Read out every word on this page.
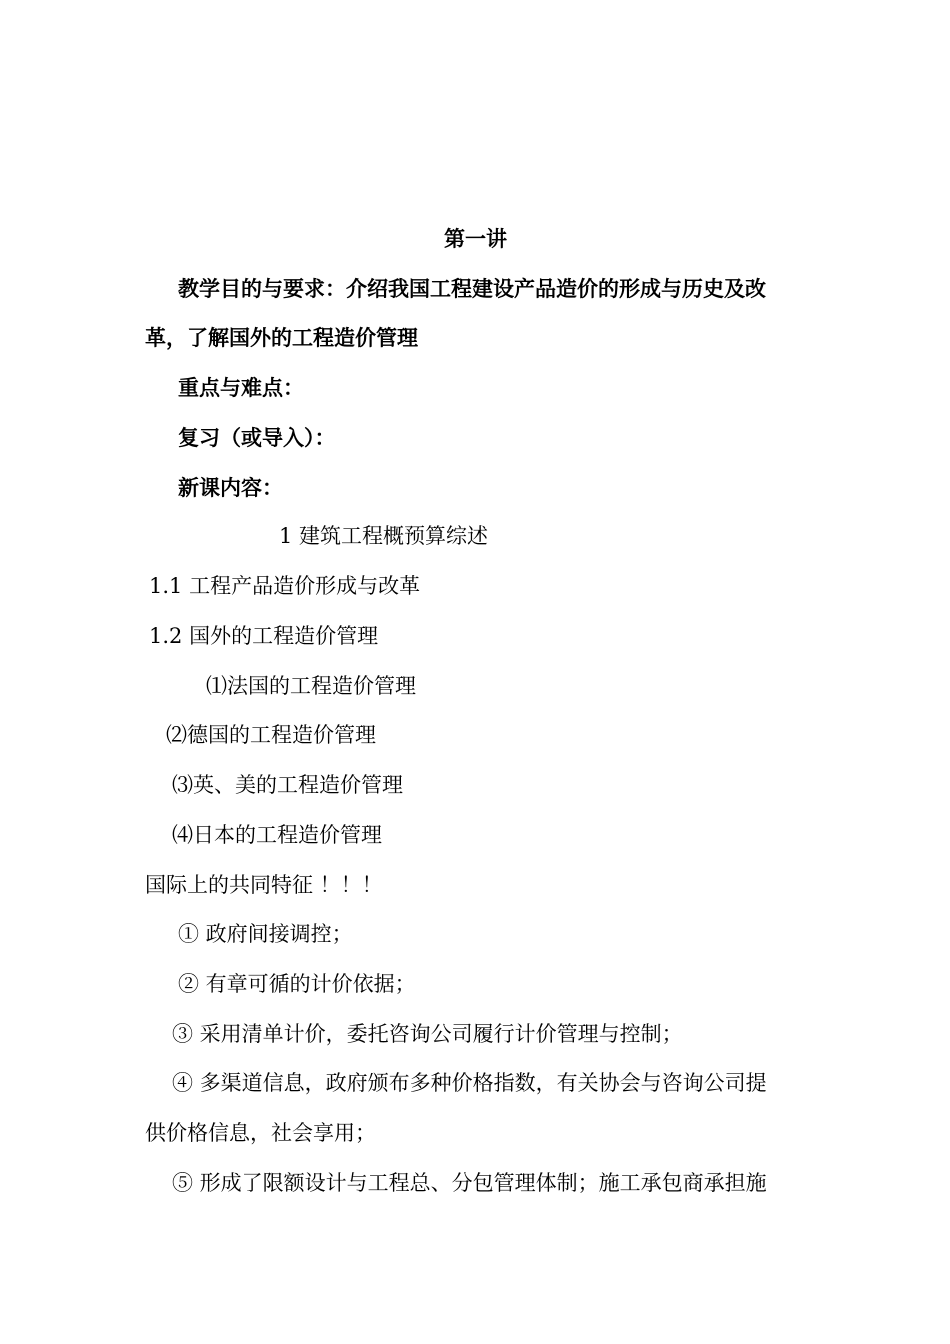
第一讲
教学目的与要求：介绍我国工程建设产品造价的形成与历史及改
革，了解国外的工程造价管理
重点与难点：
复习（或导入）：
新课内容：
1 建筑工程概预算综述
1.1 工程产品造价形成与改革
1.2 国外的工程造价管理
⑴法国的工程造价管理
⑵德国的工程造价管理
⑶英、美的工程造价管理
⑷日本的工程造价管理
国际上的共同特征 ！！！
① 政府间接调控；
② 有章可循的计价依据；
③ 采用清单计价，委托咨询公司履行计价管理与控制；
④ 多渠道信息，政府颁布多种价格指数，有关协会与咨询公司提
供价格信息，社会享用；
⑤ 形成了限额设计与工程总、分包管理体制；施工承包商承担施
